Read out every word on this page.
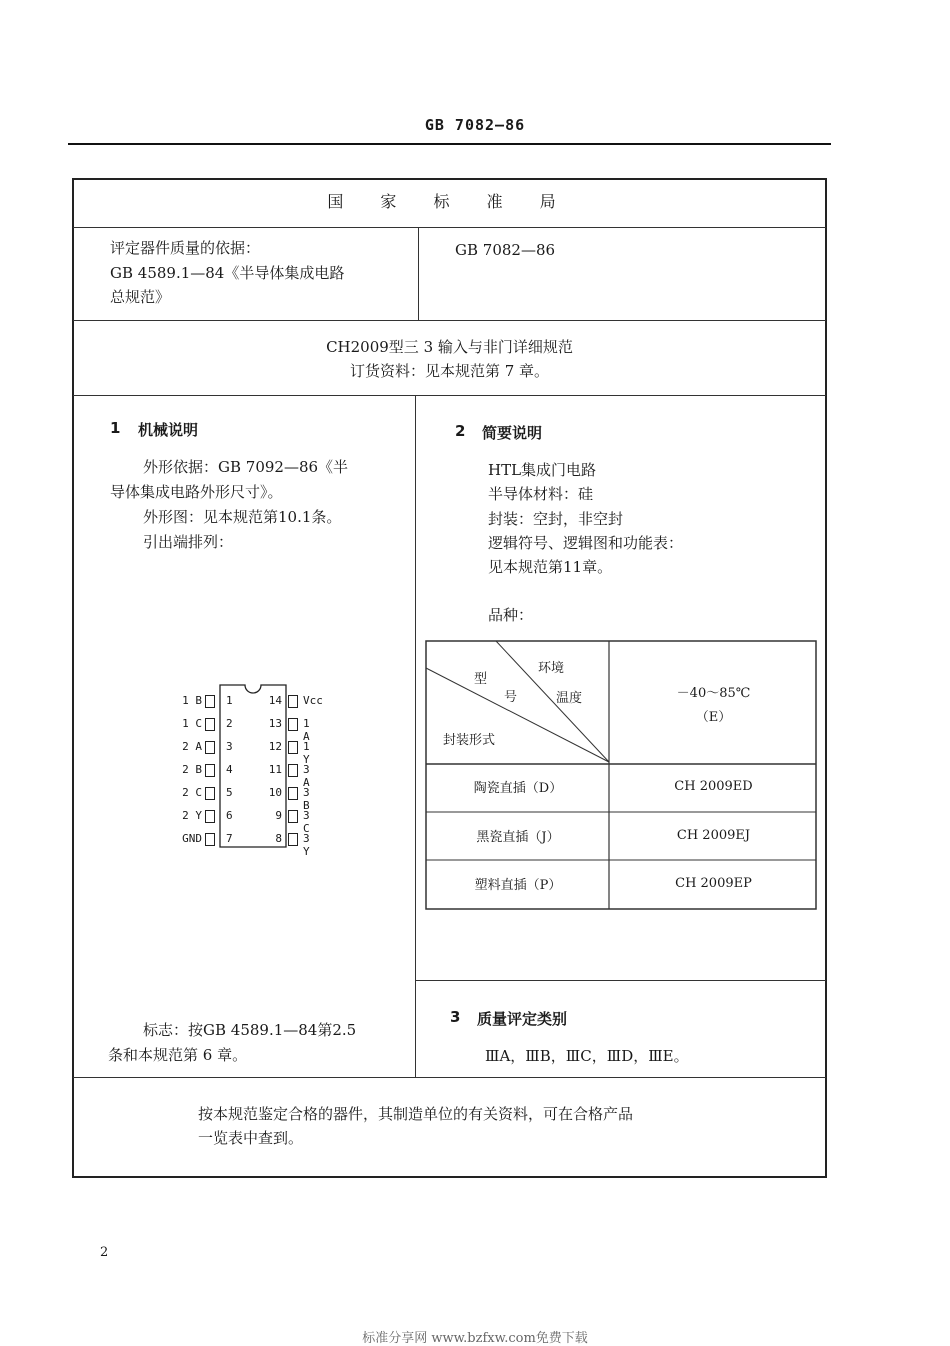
GB 7082—86
国 家 标 准 局
评定器件质量的依据：
GB 4589.1—84《半导体集成电路
总规范》
GB 7082—86
CH2009型三 3 输入与非门详细规范
订货资料：见本规范第 7 章。
1 机械说明
外形依据：GB 7092—86《半
导体集成电路外形尺寸》。
外形图：见本规范第10.1条。
引出端排列：
1 B 1
1 C 2
2 A 3
2 B 4
2 C 5
2 Y 6
GND 7
14 Vcc
13 1 A
12 1 Y
11 3 A
10 3 B
9 3 C
8 3 Y
标志：按GB 4589.1—84第2.5
条和本规范第 6 章。
2 简要说明
HTL集成门电路
半导体材料：硅
封装：空封，非空封
逻辑符号、逻辑图和功能表：
见本规范第11章。
品种：
环境
温度
型
号
封装形式
－40～85℃
（E）
陶瓷直插（D）	CH 2009ED
黑瓷直插（J）	CH 2009EJ
塑料直插（P）	CH 2009EP
3 质量评定类别
ⅢA，ⅢB，ⅢC，ⅢD，ⅢE。
按本规范鉴定合格的器件，其制造单位的有关资料，可在合格产品
一览表中查到。
2
标准分享网 www.bzfxw.com免费下载
